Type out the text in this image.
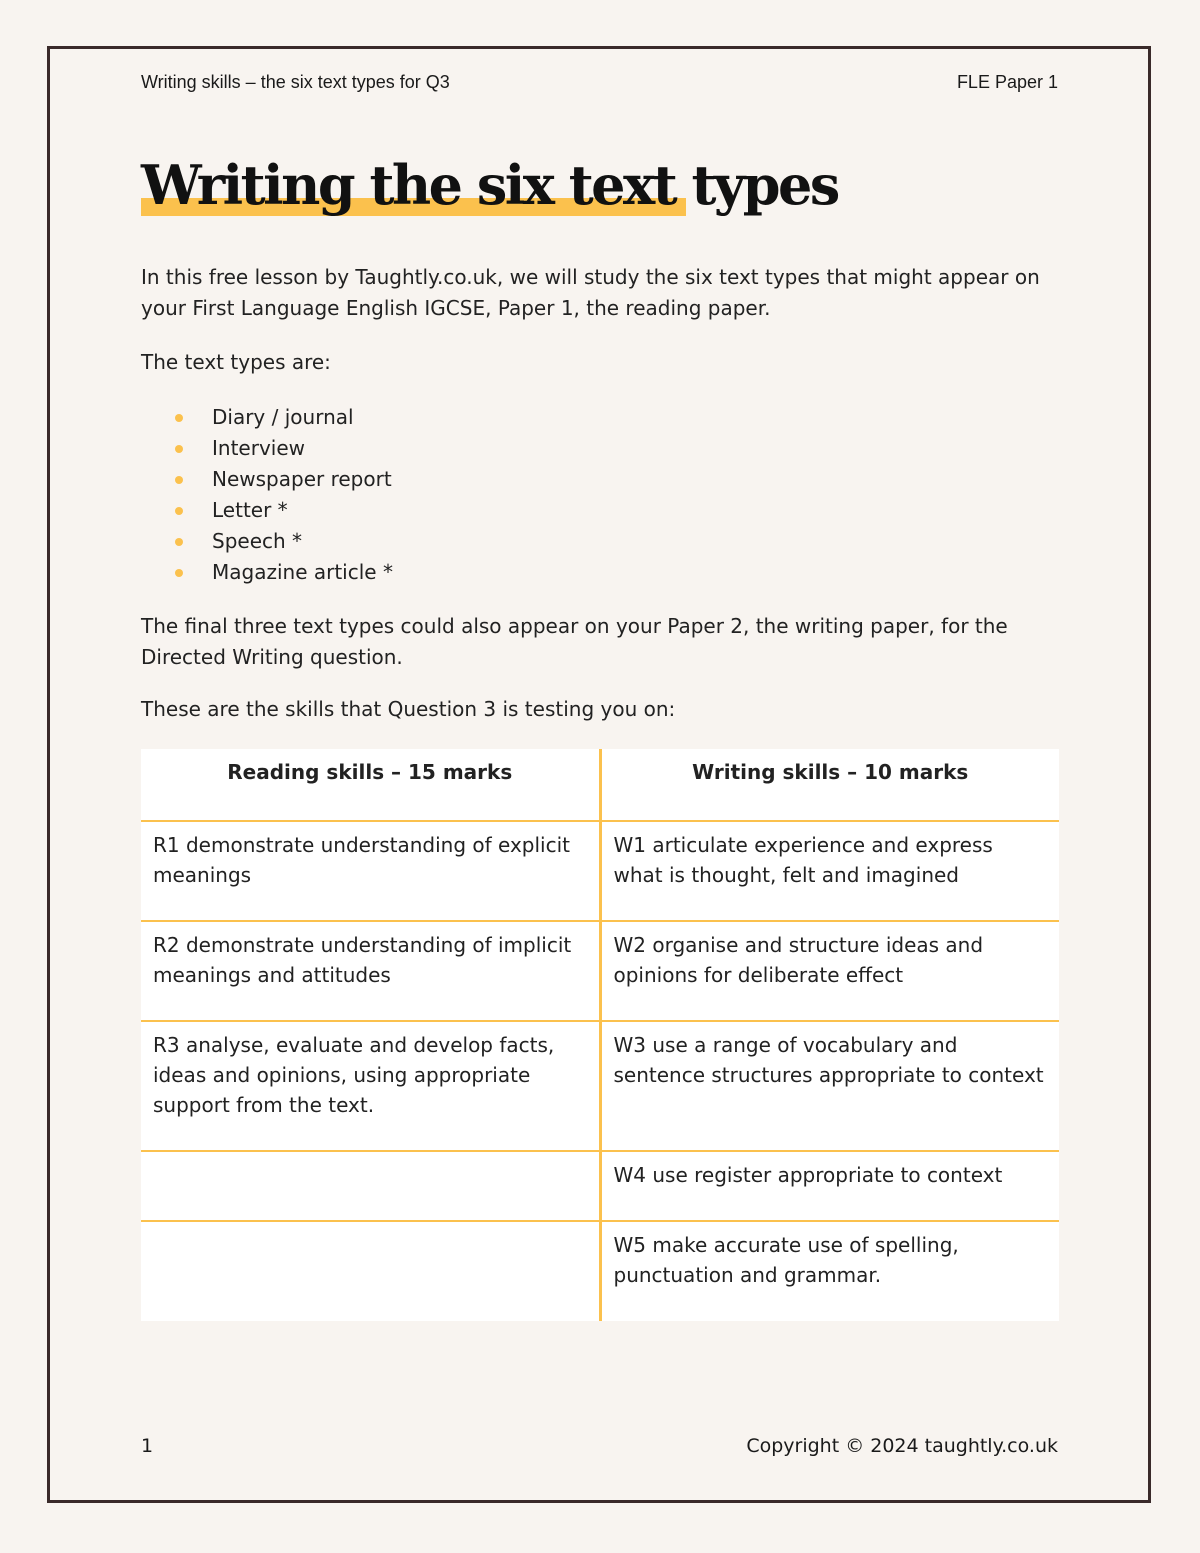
Writing skills – the six text types for Q3	FLE Paper 1
Writing the six text types

In this free lesson by Taughtly.co.uk, we will study the six text types that might appear on your First Language English IGCSE, Paper 1, the reading paper.

The text types are:

Diary / journal
Interview
Newspaper report
Letter *
Speech *
Magazine article *

The final three text types could also appear on your Paper 2, the writing paper, for the Directed Writing question.

These are the skills that Question 3 is testing you on:

Reading skills – 15 marks	Writing skills – 10 marks
R1 demonstrate understanding of explicit meanings	W1 articulate experience and express what is thought, felt and imagined
R2 demonstrate understanding of implicit meanings and attitudes	W2 organise and structure ideas and opinions for deliberate effect
R3 analyse, evaluate and develop facts, ideas and opinions, using appropriate support from the text.	W3 use a range of vocabulary and sentence structures appropriate to context
	W4 use register appropriate to context
	W5 make accurate use of spelling, punctuation and grammar.
1	Copyright © 2024 taughtly.co.uk
